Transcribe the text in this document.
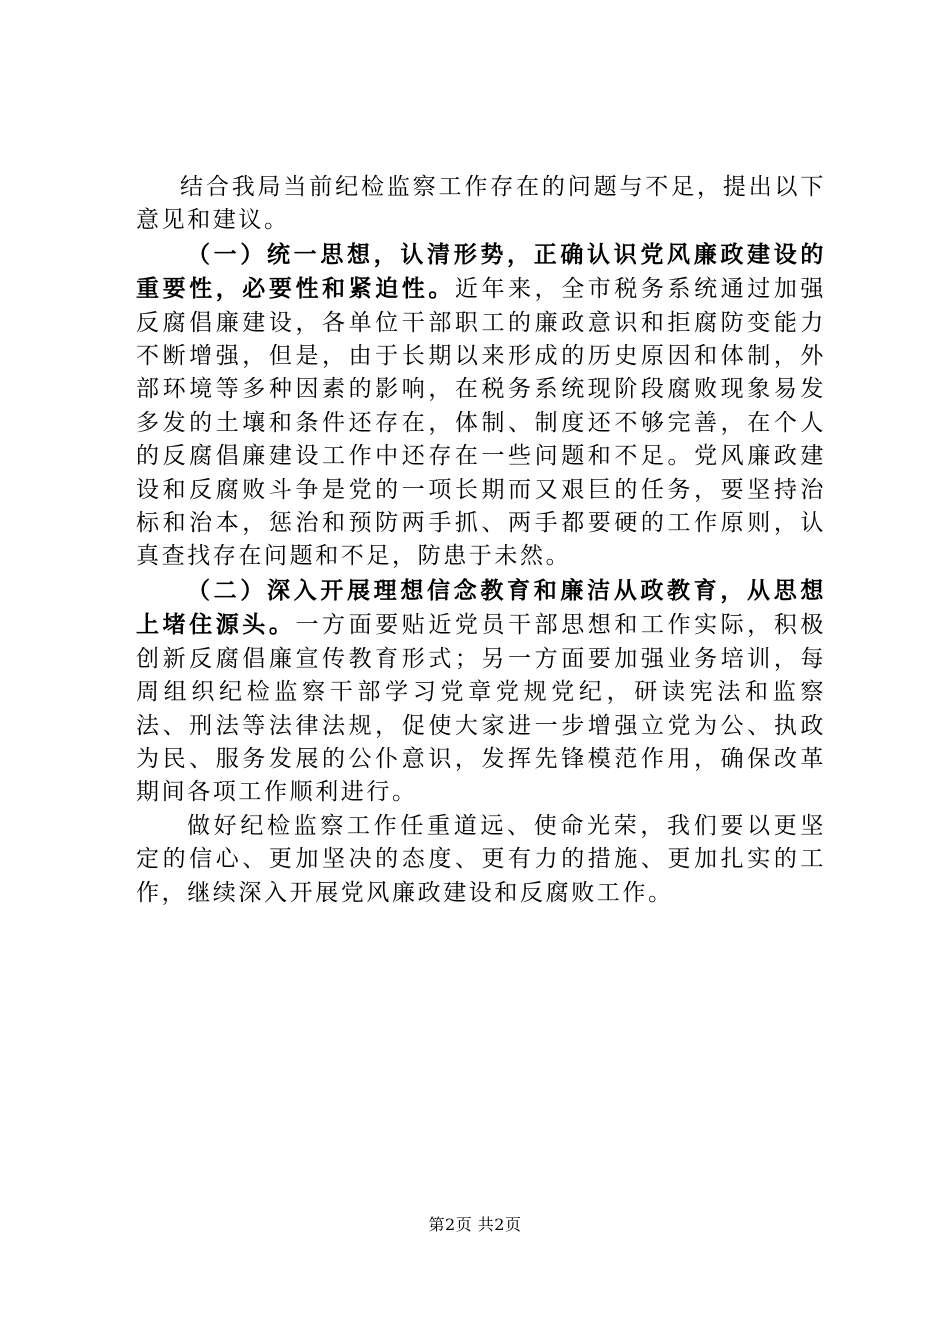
结合我局当前纪检监察工作存在的问题与不足，提出以下意见和建议。

（一）统一思想，认清形势，正确认识党风廉政建设的重要性，必要性和紧迫性。近年来，全市税务系统通过加强反腐倡廉建设，各单位干部职工的廉政意识和拒腐防变能力不断增强，但是，由于长期以来形成的历史原因和体制，外部环境等多种因素的影响，在税务系统现阶段腐败现象易发多发的土壤和条件还存在，体制、制度还不够完善，在个人的反腐倡廉建设工作中还存在一些问题和不足。党风廉政建设和反腐败斗争是党的一项长期而又艰巨的任务，要坚持治标和治本，惩治和预防两手抓、两手都要硬的工作原则，认真查找存在问题和不足，防患于未然。

（二）深入开展理想信念教育和廉洁从政教育，从思想上堵住源头。一方面要贴近党员干部思想和工作实际，积极创新反腐倡廉宣传教育形式；另一方面要加强业务培训，每周组织纪检监察干部学习党章党规党纪，研读宪法和监察法、刑法等法律法规，促使大家进一步增强立党为公、执政为民、服务发展的公仆意识，发挥先锋模范作用，确保改革期间各项工作顺利进行。

做好纪检监察工作任重道远、使命光荣，我们要以更坚定的信心、更加坚决的态度、更有力的措施、更加扎实的工作，继续深入开展党风廉政建设和反腐败工作。

第2页 共2页
